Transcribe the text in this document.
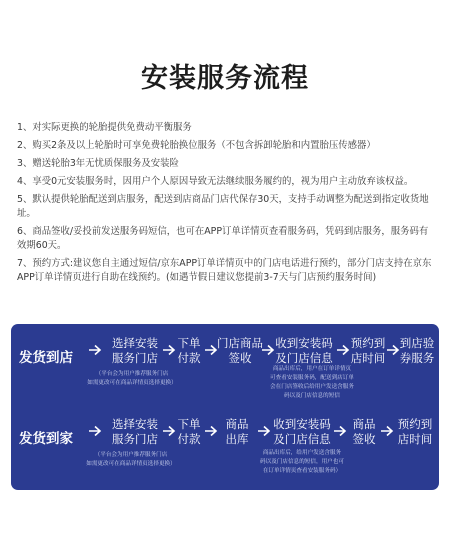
安装服务流程

1、对实际更换的轮胎提供免费动平衡服务

2、购买2条及以上轮胎时可享免费轮胎换位服务（不包含拆卸轮胎和内置胎压传感器）

3、赠送轮胎3年无忧质保服务及安装险

4、享受0元安装服务时，因用户个人原因导致无法继续服务履约的，视为用户主动放弃该权益。

5、默认提供轮胎配送到店服务，配送到店商品门店代保存30天，支持手动调整为配送到指定收货地址。

6、商品签收/妥投前发送服务码短信，也可在APP订单详情页查看服务码，凭码到店服务，服务码有效期60天。

7、预约方式:建议您自主通过短信/京东APP订单详情页中的门店电话进行预约，部分门店支持在京东APP订单详情页进行自助在线预约。(如遇节假日建议您提前3-7天与门店预约服务时间)

发货到店
选择安装
服务门店
下单
付款
门店商品
签收
收到安装码
及门店信息
预约到
店时间
到店验
券服务
（平台会为用户推荐服务门店
如需更改可在商品详情页选择更换）
商品出库后，用户在订单详情页
可查看安装服务码，配送到店订单
会在门店签收后给用户发送含服务
码以及门店信息的短信
发货到家
选择安装
服务门店
下单
付款
商品
出库
收到安装码
及门店信息
商品
签收
预约到
店时间
（平台会为用户推荐服务门店
如需更改可在商品详情页选择更换）
商品出库后，给用户发送含服务
码以及门店信息的短信，用户也可
在订单详情页查看安装服务码）
